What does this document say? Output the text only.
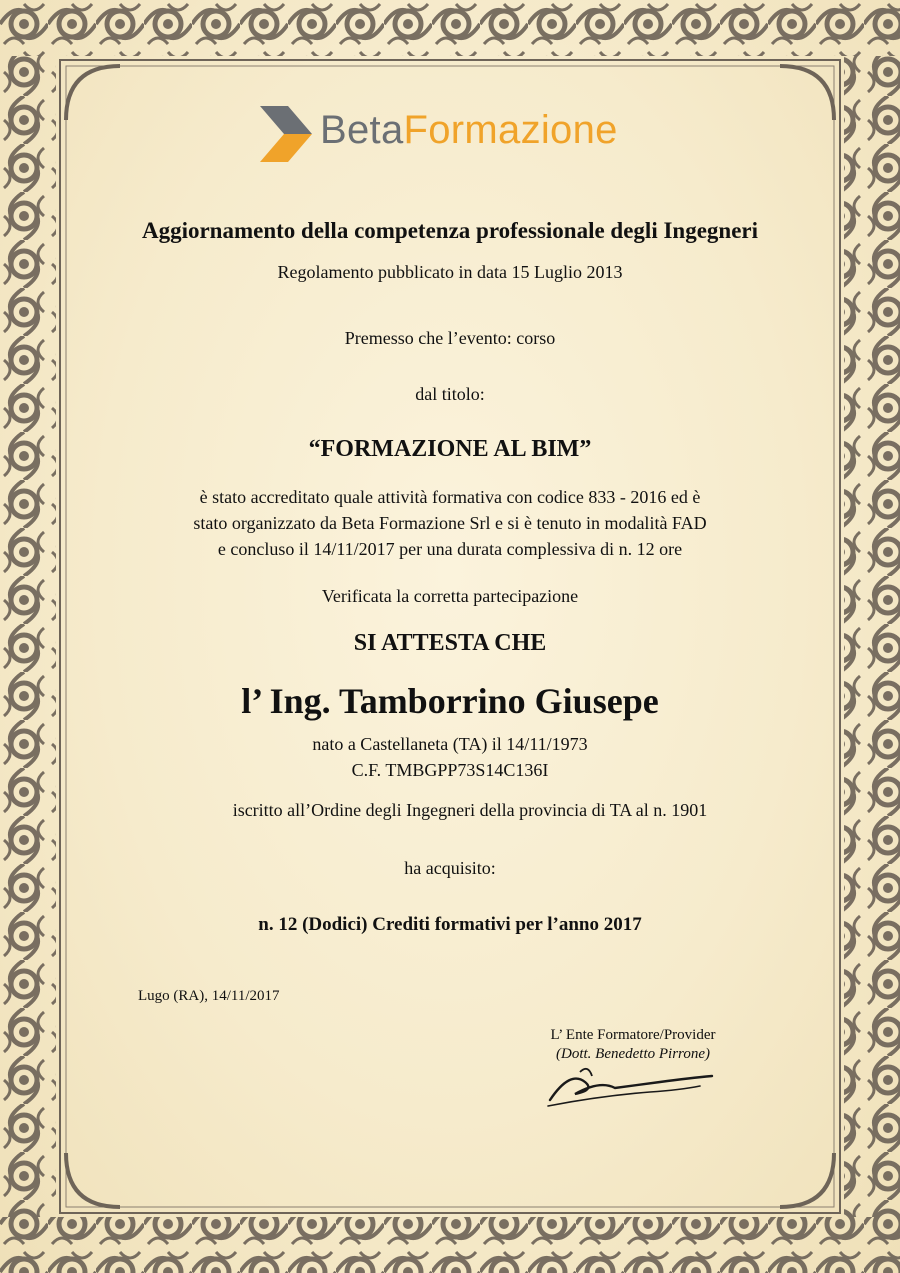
BetaFormazione
Aggiornamento della competenza professionale degli Ingegneri
Regolamento pubblicato in data 15 Luglio 2013
Premesso che l’evento: corso
dal titolo:
“FORMAZIONE AL BIM”
è stato accreditato quale attività formativa con codice 833 - 2016 ed è
stato organizzato da Beta Formazione Srl e si è tenuto in modalità FAD
e concluso il 14/11/2017 per una durata complessiva di n. 12 ore
Verificata la corretta partecipazione
SI ATTESTA CHE
l’ Ing. Tamborrino Giusepe
nato a Castellaneta (TA) il 14/11/1973
C.F. TMBGPP73S14C136I
iscritto all’Ordine degli Ingegneri della provincia di TA al n. 1901
ha acquisito:
n. 12 (Dodici) Crediti formativi per l’anno 2017
Lugo (RA), 14/11/2017
L’ Ente Formatore/Provider
(Dott. Benedetto Pirrone)
